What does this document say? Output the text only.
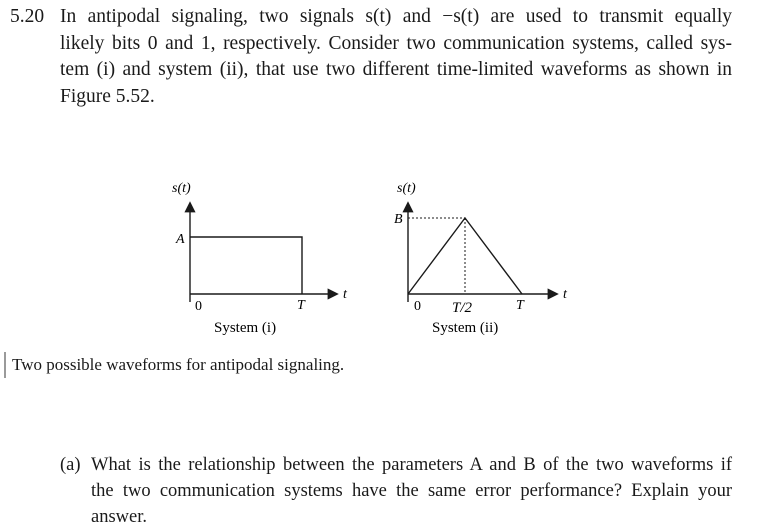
5.20 In antipodal signaling, two signals s(t) and −s(t) are used to transmit equally
likely bits 0 and 1, respectively. Consider two communication systems, called sys-
tem (i) and system (ii), that use two different time-limited waveforms as shown in
Figure 5.52.
s(t)
A
0	T
t
System (i)
s(t)
B
0 T/2	T
t
System (ii)
Two possible waveforms for antipodal signaling.
(a) What is the relationship between the parameters A and B of the two waveforms if
the two communication systems have the same error performance? Explain your
answer.
